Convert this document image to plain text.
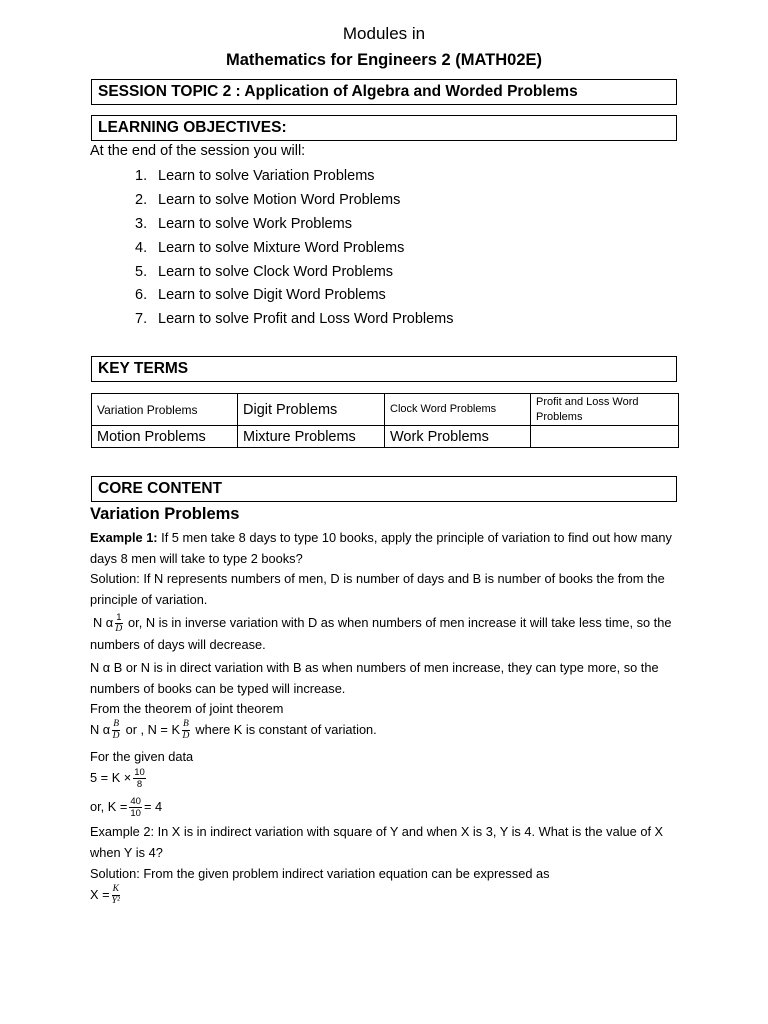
Modules in
Mathematics for Engineers 2 (MATH02E)
SESSION TOPIC 2 : Application of Algebra and Worded Problems
LEARNING OBJECTIVES:
At the end of the session you will:
1. Learn to solve Variation Problems
2. Learn to solve Motion Word Problems
3. Learn to solve Work Problems
4. Learn to solve Mixture Word Problems
5. Learn to solve Clock Word Problems
6. Learn to solve Digit Word Problems
7. Learn to solve Profit and Loss Word Problems
KEY TERMS
Variation Problems	Digit Problems	Clock Word Problems	Profit and Loss Word Problems
Motion Problems	Mixture Problems	Work Problems	
CORE CONTENT
Variation Problems
Example 1: If 5 men take 8 days to type 10 books, apply the principle of variation to find out how many days 8 men will take to type 2 books?
Solution: If N represents numbers of men, D is number of days and B is number of books the from the principle of variation.
N α $\frac{1}{D}$ or, N is in inverse variation with D as when numbers of men increase it will take less time, so the numbers of days will decrease.
N α B or N is in direct variation with B as when numbers of men increase, they can type more, so the numbers of books can be typed will increase.
From the theorem of joint theorem
N α $\frac{B}{D}$ or , N = K $\frac{B}{D}$ where K is constant of variation.
For the given data
$5 = K \times \frac{10}{8}$
or, $K = \frac{40}{10} = 4$
Example 2: In X is in indirect variation with square of Y and when X is 3, Y is 4. What is the value of X when Y is 4?
Solution: From the given problem indirect variation equation can be expressed as
$X = \frac{K}{\text{Y²}}$
